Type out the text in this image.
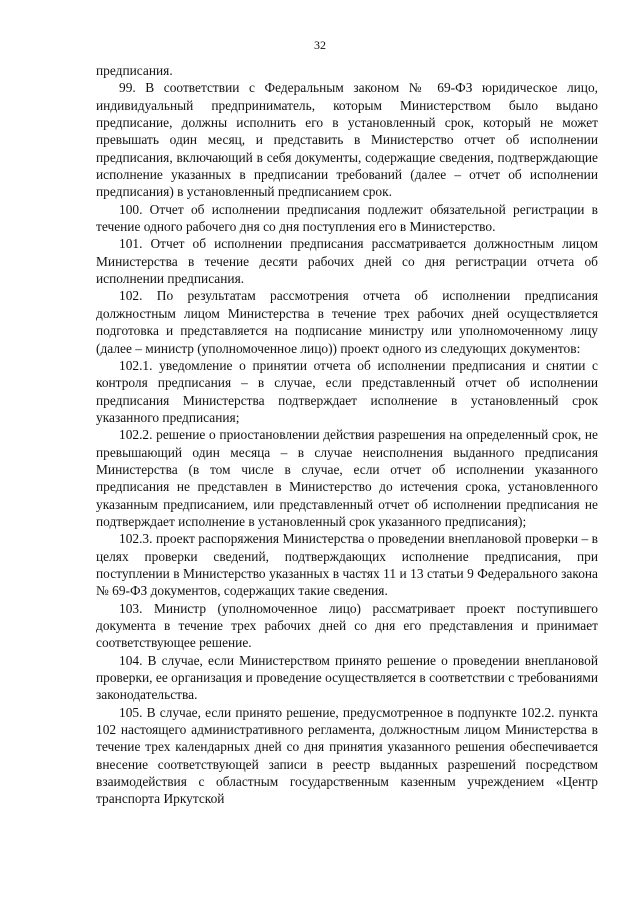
32

предписания.

99. В соответствии с Федеральным законом № 69-ФЗ юридическое лицо, индивидуальный предприниматель, которым Министерством было выдано предписание, должны исполнить его в установленный срок, который не может превышать один месяц, и представить в Министерство отчет об исполнении предписания, включающий в себя документы, содержащие сведения, подтверждающие исполнение указанных в предписании требований (далее – отчет об исполнении предписания) в установленный предписанием срок.

100. Отчет об исполнении предписания подлежит обязательной регистрации в течение одного рабочего дня со дня поступления его в Министерство.

101. Отчет об исполнении предписания рассматривается должностным лицом Министерства в течение десяти рабочих дней со дня регистрации отчета об исполнении предписания.

102. По результатам рассмотрения отчета об исполнении предписания должностным лицом Министерства в течение трех рабочих дней осуществляется подготовка и представляется на подписание министру или уполномоченному лицу (далее – министр (уполномоченное лицо)) проект одного из следующих документов:

102.1. уведомление о принятии отчета об исполнении предписания и снятии с контроля предписания – в случае, если представленный отчет об исполнении предписания Министерства подтверждает исполнение в установленный срок указанного предписания;

102.2. решение о приостановлении действия разрешения на определенный срок, не превышающий один месяца – в случае неисполнения выданного предписания Министерства (в том числе в случае, если отчет об исполнении указанного предписания не представлен в Министерство до истечения срока, установленного указанным предписанием, или представленный отчет об исполнении предписания не подтверждает исполнение в установленный срок указанного предписания);

102.3. проект распоряжения Министерства о проведении внеплановой проверки – в целях проверки сведений, подтверждающих исполнение предписания, при поступлении в Министерство указанных в частях 11 и 13 статьи 9 Федерального закона № 69-ФЗ документов, содержащих такие сведения.

103. Министр (уполномоченное лицо) рассматривает проект поступившего документа в течение трех рабочих дней со дня его представления и принимает соответствующее решение.

104. В случае, если Министерством принято решение о проведении внеплановой проверки, ее организация и проведение осуществляется в соответствии с требованиями законодательства.

105. В случае, если принято решение, предусмотренное в подпункте 102.2. пункта 102 настоящего административного регламента, должностным лицом Министерства в течение трех календарных дней со дня принятия указанного решения обеспечивается внесение соответствующей записи в реестр выданных разрешений посредством взаимодействия с областным государственным казенным учреждением «Центр транспорта Иркутской
